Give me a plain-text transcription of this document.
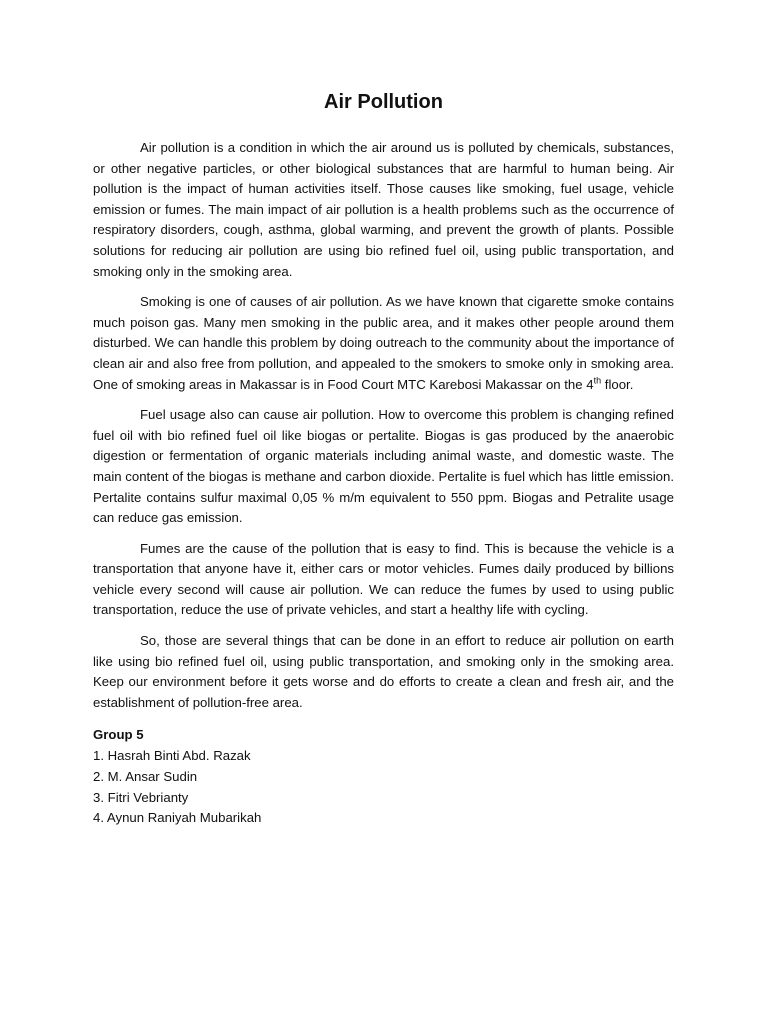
Air Pollution

Air pollution is a condition in which the air around us is polluted by chemicals, substances, or other negative particles, or other biological substances that are harmful to human being. Air pollution is the impact of human activities itself. Those causes like smoking, fuel usage, vehicle emission or fumes. The main impact of air pollution is a health problems such as the occurrence of respiratory disorders, cough, asthma, global warming, and prevent the growth of plants. Possible solutions for reducing air pollution are using bio refined fuel oil, using public transportation, and smoking only in the smoking area.

Smoking is one of causes of air pollution. As we have known that cigarette smoke contains much poison gas. Many men smoking in the public area, and it makes other people around them disturbed. We can handle this problem by doing outreach to the community about the importance of clean air and also free from pollution, and appealed to the smokers to smoke only in smoking area. One of smoking areas in Makassar is in Food Court MTC Karebosi Makassar on the 4th floor.

Fuel usage also can cause air pollution. How to overcome this problem is changing refined fuel oil with bio refined fuel oil like biogas or pertalite. Biogas is gas produced by the anaerobic digestion or fermentation of organic materials including animal waste, and domestic waste. The main content of the biogas is methane and carbon dioxide. Pertalite is fuel which has little emission. Pertalite contains sulfur maximal 0,05 % m/m equivalent to 550 ppm. Biogas and Petralite usage can reduce gas emission.

Fumes are the cause of the pollution that is easy to find. This is because the vehicle is a transportation that anyone have it, either cars or motor vehicles. Fumes daily produced by billions vehicle every second will cause air pollution. We can reduce the fumes by used to using public transportation, reduce the use of private vehicles, and start a healthy life with cycling.

So, those are several things that can be done in an effort to reduce air pollution on earth like using bio refined fuel oil, using public transportation, and smoking only in the smoking area. Keep our environment before it gets worse and do efforts to create a clean and fresh air, and the establishment of pollution-free area.

Group 5
1. Hasrah Binti Abd. Razak
2. M. Ansar Sudin
3. Fitri Vebrianty
4. Aynun Raniyah Mubarikah
